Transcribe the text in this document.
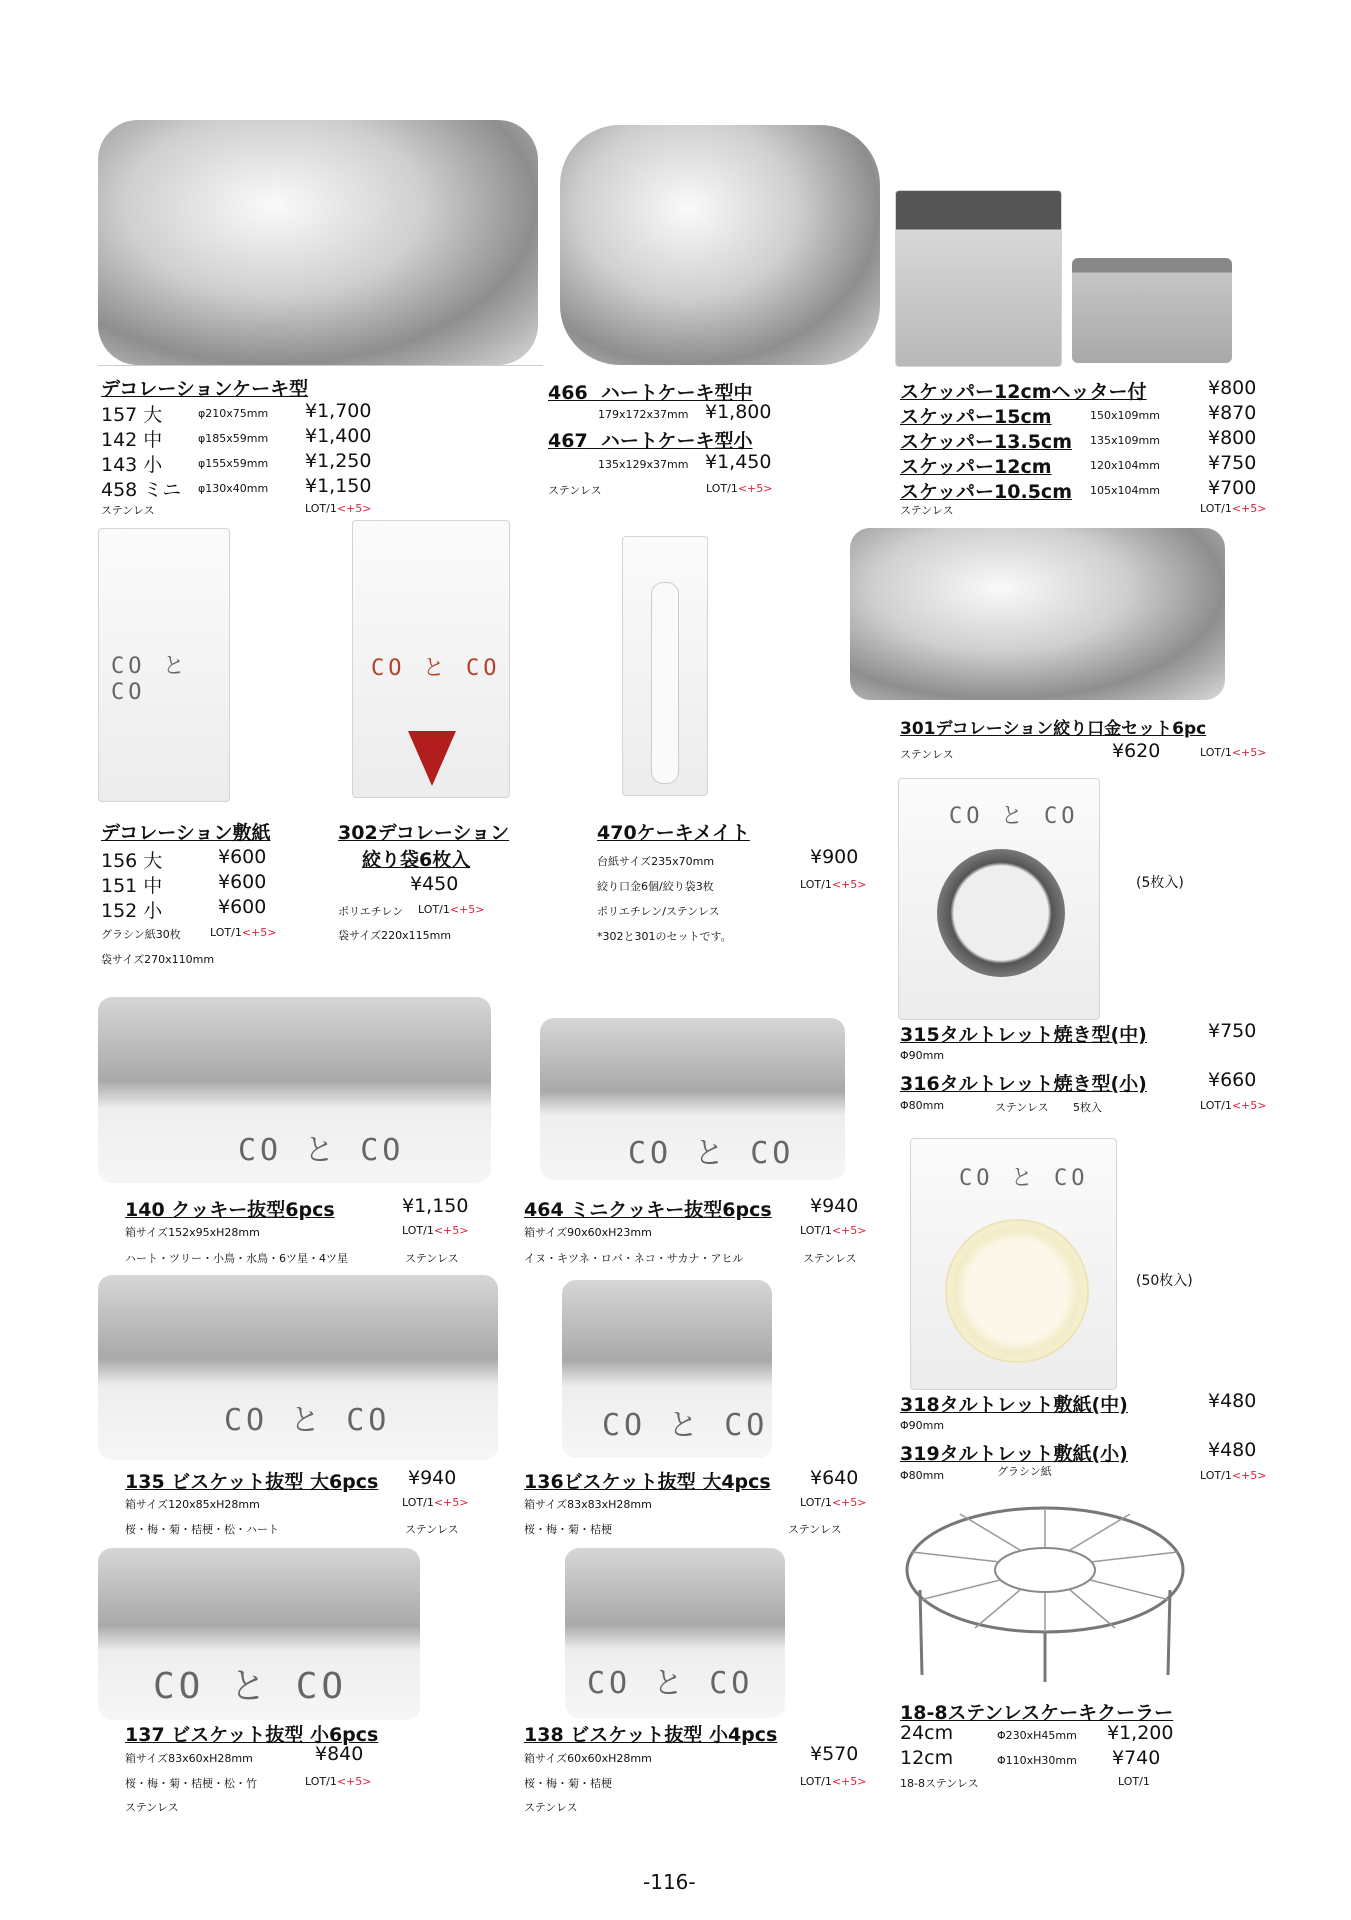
デコレーションケーキ型
157 大	φ210x75mm ¥1,700
142 中	φ185x59mm ¥1,400
143 小	φ155x59mm ¥1,250
458 ミニ φ130x40mm ¥1,150
ステンレス	LOT/1<+5>
466 ハートケーキ型中
179x172x37mm ¥1,800
467 ハートケーキ型小
135x129x37mm ¥1,450
ステンレス	LOT/1<+5>
スケッパー12cmヘッター付	¥800
スケッパー15cm	150x109mm	¥870
スケッパー13.5cm 135x109mm	¥800
スケッパー12cm	120x104mm	¥750
スケッパー10.5cm 105x104mm	¥700
ステンレス	LOT/1<+5>
CO と CO
CO と CO
デコレーション敷紙
156 大	¥600
151 中	¥600
152 小	¥600
グラシン紙30枚	LOT/1<+5>
袋サイズ270x110mm
302デコレーション
絞り袋6枚入
¥450
ポリエチレン LOT/1<+5>
袋サイズ220x115mm
470ケーキメイト
台紙サイズ235x70mm	¥900
絞り口金6個/絞り袋3枚	LOT/1<+5>
ポリエチレン/ステンレス
*302と301のセットです。
301デコレーション絞り口金セット6pc
ステンレス	¥620	LOT/1<+5>
CO と CO
(5枚入)
315タルトレット焼き型(中)	¥750
Φ90mm
316タルトレット焼き型(小)	¥660
Φ80mm	ステンレス 5枚入	LOT/1<+5>
CO と CO
(50枚入)
318タルトレット敷紙(中)	¥480
Φ90mm
319タルトレット敷紙(小)	¥480
Φ80mm	グラシン紙	LOT/1<+5>
CO と CO
140 クッキー抜型6pcs	¥1,150
箱サイズ152x95xH28mm	LOT/1<+5>
ハート・ツリー・小鳥・水鳥・6ツ星・4ツ星	ステンレス
CO と CO
464 ミニクッキー抜型6pcs ¥940
箱サイズ90x60xH23mm	LOT/1<+5>
イヌ・キツネ・ロバ・ネコ・サカナ・アヒル	ステンレス
CO と CO
135 ビスケット抜型 大6pcs ¥940
箱サイズ120x85xH28mm	LOT/1<+5>
桜・梅・菊・桔梗・松・ハート	ステンレス
CO と CO
136ビスケット抜型 大4pcs ¥640
箱サイズ83x83xH28mm	LOT/1<+5>
桜・梅・菊・桔梗	ステンレス
CO と CO
137 ビスケット抜型 小6pcs
箱サイズ83x60xH28mm	¥840
桜・梅・菊・桔梗・松・竹	LOT/1<+5>
ステンレス
CO と CO
138 ビスケット抜型 小4pcs
箱サイズ60x60xH28mm	¥570
桜・梅・菊・桔梗	LOT/1<+5>
ステンレス
18-8ステンレスケーキクーラー
24cm	Φ230xH45mm ¥1,200
12cm	Φ110xH30mm ¥740
18-8ステンレス	LOT/1
-116-
